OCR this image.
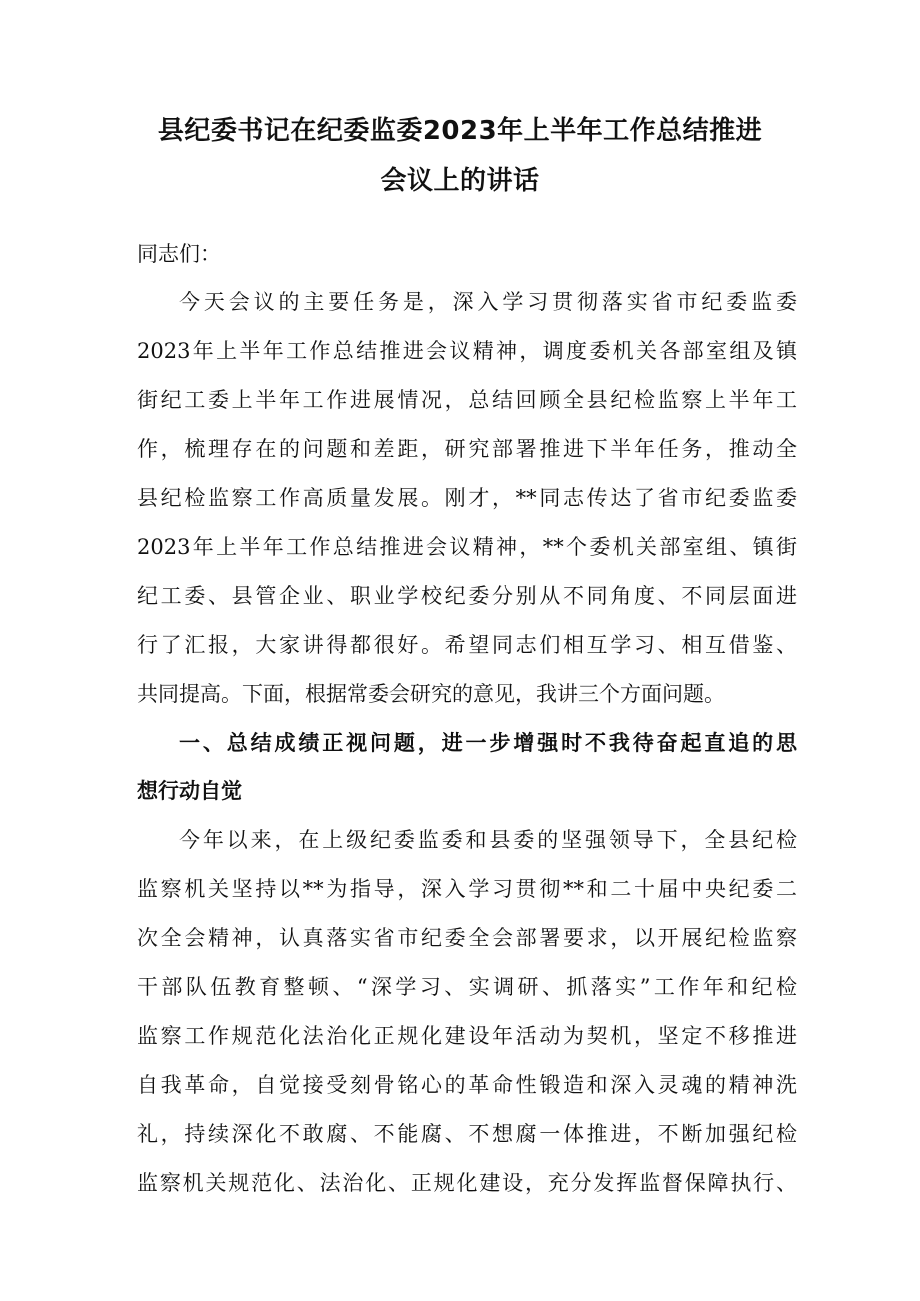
县纪委书记在纪委监委2023年上半年工作总结推进
会议上的讲话
同志们：
今天会议的主要任务是，深入学习贯彻落实省市纪委监委
2023年上半年工作总结推进会议精神，调度委机关各部室组及镇
街纪工委上半年工作进展情况，总结回顾全县纪检监察上半年工
作，梳理存在的问题和差距，研究部署推进下半年任务，推动全
县纪检监察工作高质量发展。刚才，**同志传达了省市纪委监委
2023年上半年工作总结推进会议精神，**个委机关部室组、镇街
纪工委、县管企业、职业学校纪委分别从不同角度、不同层面进
行了汇报，大家讲得都很好。希望同志们相互学习、相互借鉴、
共同提高。下面，根据常委会研究的意见，我讲三个方面问题。
一、总结成绩正视问题，进一步增强时不我待奋起直追的思
想行动自觉
今年以来，在上级纪委监委和县委的坚强领导下，全县纪检
监察机关坚持以**为指导，深入学习贯彻**和二十届中央纪委二
次全会精神，认真落实省市纪委全会部署要求，以开展纪检监察
干部队伍教育整顿、“深学习、实调研、抓落实”工作年和纪检
监察工作规范化法治化正规化建设年活动为契机，坚定不移推进
自我革命，自觉接受刻骨铭心的革命性锻造和深入灵魂的精神洗
礼，持续深化不敢腐、不能腐、不想腐一体推进，不断加强纪检
监察机关规范化、法治化、正规化建设，充分发挥监督保障执行、
